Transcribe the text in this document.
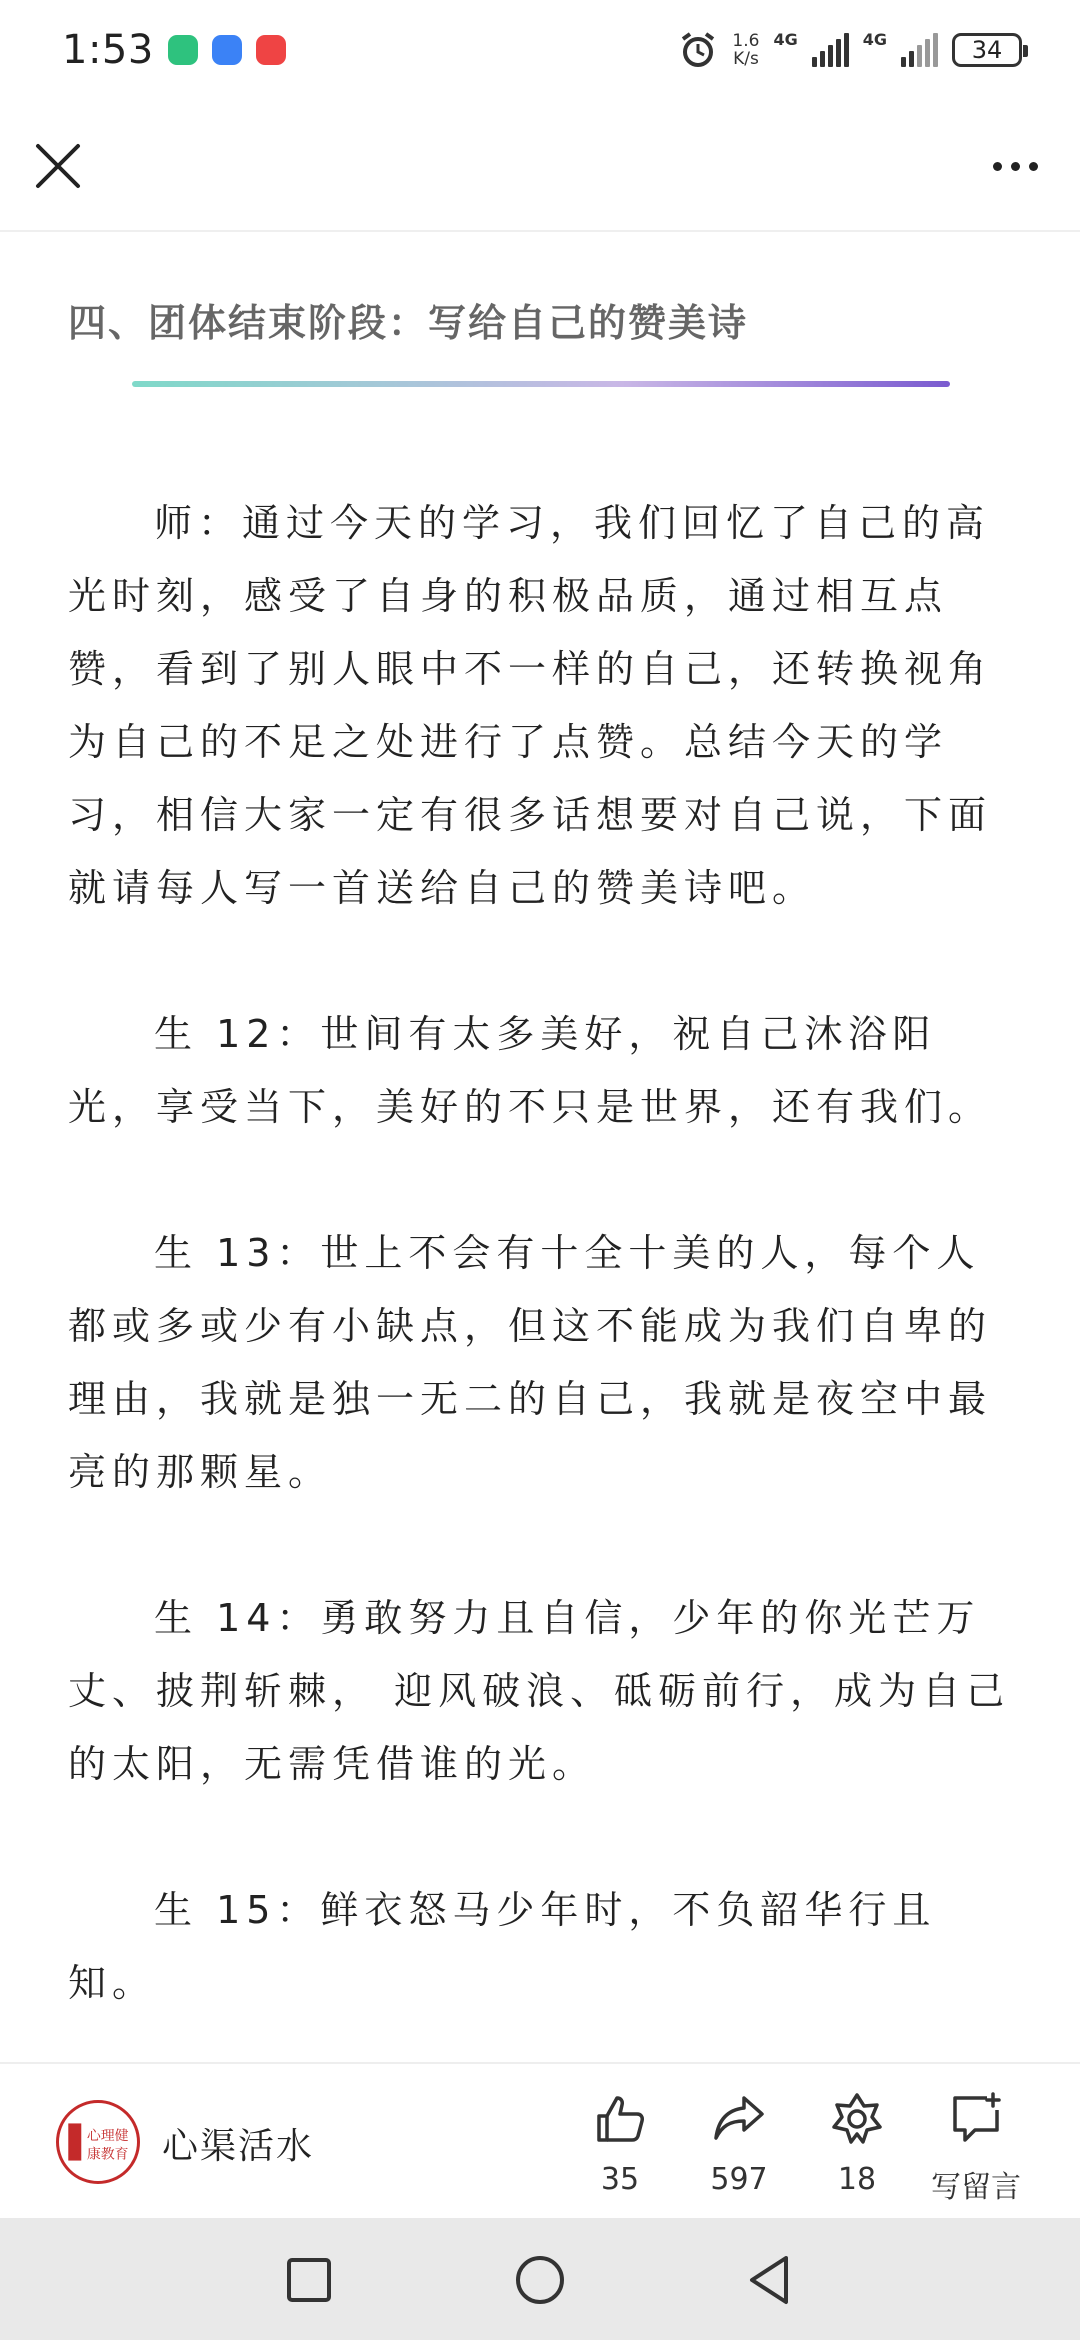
1:53	1.6
K/s
4G	4G	34
四、团体结束阶段：写给自己的赞美诗

师：通过今天的学习，我们回忆了自己的高光时刻，感受了自身的积极品质，通过相互点赞，看到了别人眼中不一样的自己，还转换视角为自己的不足之处进行了点赞。总结今天的学习，相信大家一定有很多话想要对自己说，下面就请每人写一首送给自己的赞美诗吧。

生 12：世间有太多美好，祝自己沐浴阳光，享受当下，美好的不只是世界，还有我们。

生 13：世上不会有十全十美的人，每个人都或多或少有小缺点，但这不能成为我们自卑的理由，我就是独一无二的自己，我就是夜空中最亮的那颗星。

生 14：勇敢努力且自信，少年的你光芒万丈、披荆斩棘， 迎风破浪、砥砺前行，成为自己的太阳，无需凭借谁的光。

生 15：鲜衣怒马少年时，不负韶华行且知。

心理健
康教育 心渠活水
35 597 18 写留言
